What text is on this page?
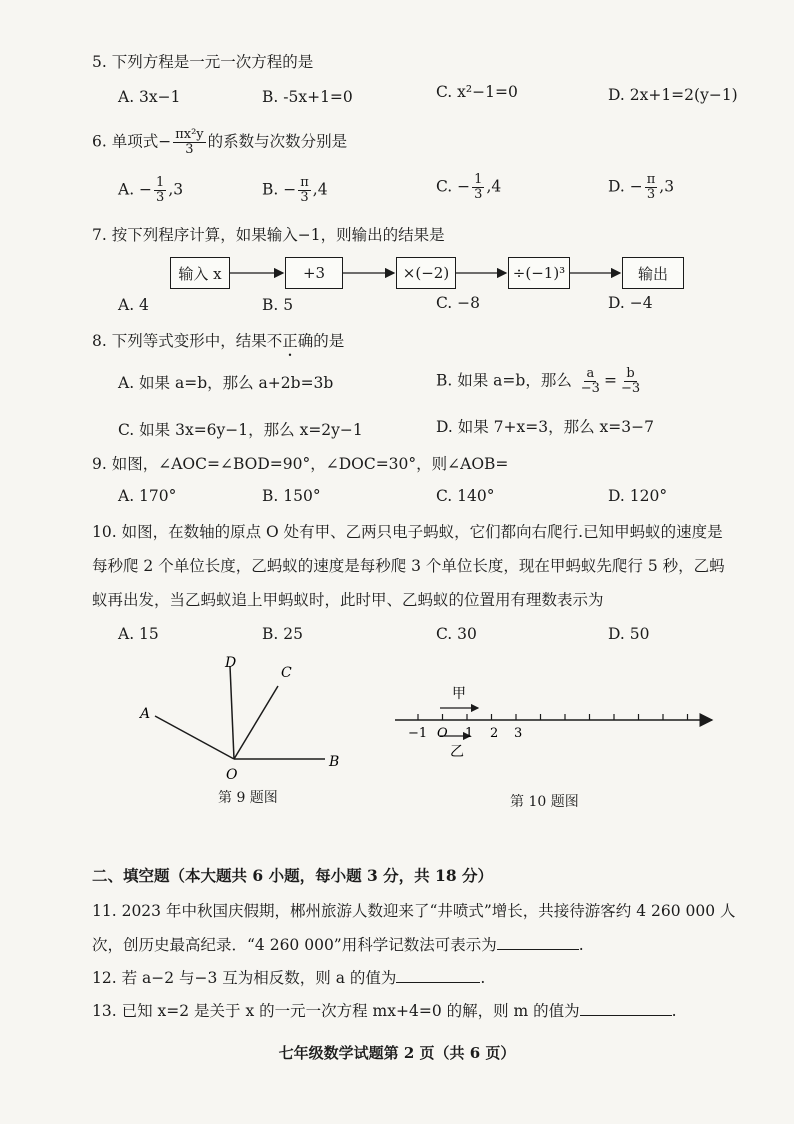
5. 下列方程是一元一次方程的是
A. 3x−1	B. -5x+1=0	C. x²−1=0	D. 2x+1=2(y−1)
6. 单项式− $\frac{\text{πx²y}}{3}$ 的系数与次数分别是
A. − $\frac{1}{3} ,3$	B. − $\frac{\pi}{3} ,4$	C. − $\frac{1}{3} ,4$	D. − $\frac{\pi}{3} ,3$
7. 按下列程序计算，如果输入−1，则输出的结果是
输入 x	+3	×(−2)	÷(−1)³	输出
A. 4	B. 5	C. −8	D. −4
8. 下列等式变形中，结果不正确的是
A. 如果 a=b，那么 a+2b=3b	B. 如果 a=b，那么 $\frac{a}{-3} = \frac{b}{-3}$
C. 如果 3x=6y−1，那么 x=2y−1	D. 如果 7+x=3，那么 x=3−7
9. 如图，∠AOC=∠BOD=90°，∠DOC=30°，则∠AOB=
A. 170°	B. 150°	C. 140°	D. 120°
10. 如图，在数轴的原点 O 处有甲、乙两只电子蚂蚁，它们都向右爬行.已知甲蚂蚁的速度是
每秒爬 2 个单位长度，乙蚂蚁的速度是每秒爬 3 个单位长度，现在甲蚂蚁先爬行 5 秒，乙蚂
蚁再出发，当乙蚂蚁追上甲蚂蚁时，此时甲、乙蚂蚁的位置用有理数表示为
A. 15	B. 25	C. 30	D. 50
D
C
A
O
B
第 9 题图
甲
乙
−1 O 1 2 3
第 10 题图
二、填空题（本大题共 6 小题，每小题 3 分，共 18 分）
11. 2023 年中秋国庆假期，郴州旅游人数迎来了“井喷式”增长，共接待游客约 4 260 000 人
次，创历史最高纪录．“4 260 000”用科学记数法可表示为	.
12. 若 a−2 与−3 互为相反数，则 a 的值为	.
13. 已知 x=2 是关于 x 的一元一次方程 mx+4=0 的解，则 m 的值为	.
七年级数学试题第 2 页（共 6 页）
